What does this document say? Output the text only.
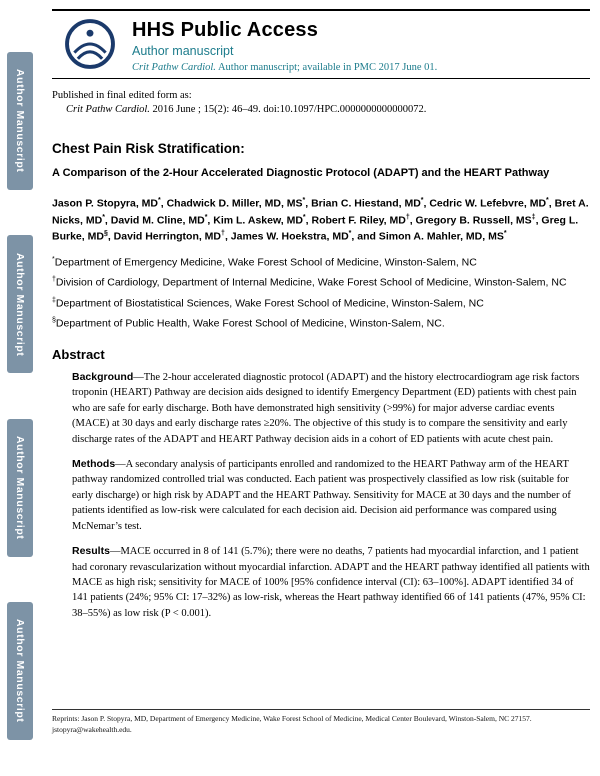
Author Manuscript
Author Manuscript
Author Manuscript
Author Manuscript
HHS Public Access

Author manuscript

Crit Pathw Cardiol. Author manuscript; available in PMC 2017 June 01.

Published in final edited form as:

Crit Pathw Cardiol. 2016 June ; 15(2): 46–49. doi:10.1097/HPC.0000000000000072.

Chest Pain Risk Stratification:
A Comparison of the 2-Hour Accelerated Diagnostic Protocol (ADAPT) and the HEART Pathway

Jason P. Stopyra, MD*, Chadwick D. Miller, MD, MS*, Brian C. Hiestand, MD*, Cedric W. Lefebvre, MD*, Bret A. Nicks, MD*, David M. Cline, MD*, Kim L. Askew, MD*, Robert F. Riley, MD†, Gregory B. Russell, MS‡, Greg L. Burke, MD§, David Herrington, MD†, James W. Hoekstra, MD*, and Simon A. Mahler, MD, MS*

*Department of Emergency Medicine, Wake Forest School of Medicine, Winston-Salem, NC

†Division of Cardiology, Department of Internal Medicine, Wake Forest School of Medicine, Winston-Salem, NC

‡Department of Biostatistical Sciences, Wake Forest School of Medicine, Winston-Salem, NC

§Department of Public Health, Wake Forest School of Medicine, Winston-Salem, NC.

Abstract

Background—The 2-hour accelerated diagnostic protocol (ADAPT) and the history electrocardiogram age risk factors troponin (HEART) Pathway are decision aids designed to identify Emergency Department (ED) patients with chest pain who are safe for early discharge. Both have demonstrated high sensitivity (>99%) for major adverse cardiac events (MACE) at 30 days and early discharge rates ≥20%. The objective of this study is to compare the sensitivity and early discharge rates of the ADAPT and HEART Pathway decision aids in a cohort of ED patients with acute chest pain.

Methods—A secondary analysis of participants enrolled and randomized to the HEART Pathway arm of the HEART pathway randomized controlled trial was conducted. Each patient was prospectively classified as low risk (suitable for early discharge) or high risk by ADAPT and the HEART Pathway. Sensitivity for MACE at 30 days and the number of patients identified as low-risk were calculated for each decision aid. Decision aid performance was compared using McNemar’s test.

Results—MACE occurred in 8 of 141 (5.7%); there were no deaths, 7 patients had myocardial infarction, and 1 patient had coronary revascularization without myocardial infarction. ADAPT and the HEART pathway identified all patients with MACE as high risk; sensitivity for MACE of 100% [95% confidence interval (CI): 63–100%]. ADAPT identified 34 of 141 patients (24%; 95% CI: 17–32%) as low-risk, whereas the Heart pathway identified 66 of 141 patients (47%, 95% CI: 38–55%) as low risk (P < 0.001).

Reprints: Jason P. Stopyra, MD, Department of Emergency Medicine, Wake Forest School of Medicine, Medical Center Boulevard, Winston-Salem, NC 27157. jstopyra@wakehealth.edu.
